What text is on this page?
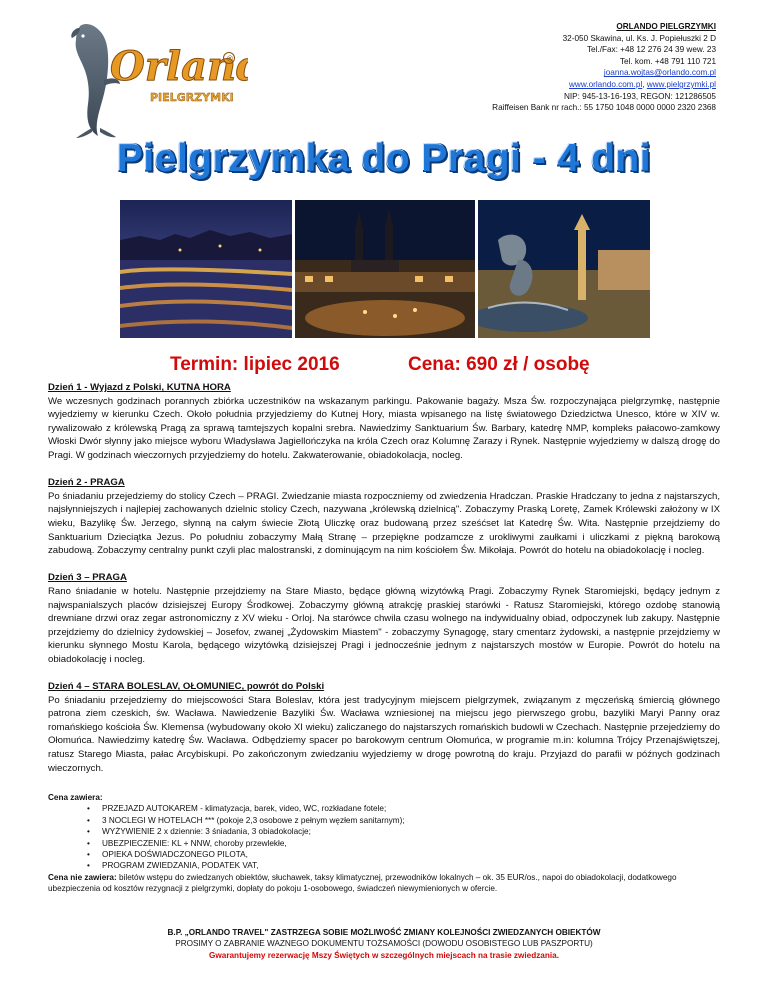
Orlan
PIELGRZYMKI
®
ORLANDO PIELGRZYMKI
32-050 Skawina, ul. Ks. J. Popiełuszki 2 D
Tel./Fax: +48 12 276 24 39 wew. 23
Tel. kom. +48 791 110 721
joanna.wojtas@orlando.com.pl
www.orlando.com.pl, www.pielgrzymki.pl
NIP: 945-13-16-193, REGON: 121286505
Raiffeisen Bank nr rach.: 55 1750 1048 0000 0000 2320 2368
Pielgrzymka do Pragi - 4 dni
Termin: lipiec 2016	Cena: 690 zł / osobę
Dzień 1 - Wyjazd z Polski, KUTNA HORA

We wczesnych godzinach porannych zbiórka uczestników na wskazanym parkingu. Pakowanie bagaży. Msza Św. rozpoczynająca pielgrzymkę, następnie wyjedziemy w kierunku Czech. Około południa przyjedziemy do Kutnej Hory, miasta wpisanego na listę światowego Dziedzictwa Unesco, które w XIV w. rywalizowało z królewską Pragą za sprawą tamtejszych kopalni srebra. Nawiedzimy Sanktuarium Św. Barbary, katedrę NMP, kompleks pałacowo-zamkowy Włoski Dwór słynny jako miejsce wyboru Władysława Jagiellończyka na króla Czech oraz Kolumnę Zarazy i Rynek. Następnie wyjedziemy w dalszą drogę do Pragi. W godzinach wieczornych przyjedziemy do hotelu. Zakwaterowanie, obiadokolacja, nocleg.

Dzień 2 - PRAGA

Po śniadaniu przejedziemy do stolicy Czech – PRAGI. Zwiedzanie miasta rozpoczniemy od zwiedzenia Hradczan. Praskie Hradczany to jedna z najstarszych, najsłynniejszych i najlepiej zachowanych dzielnic stolicy Czech, nazywana „królewską dzielnicą". Zobaczymy Praską Loretę, Zamek Królewski założony w IX wieku, Bazylikę Św. Jerzego, słynną na całym świecie Złotą Uliczkę oraz budowaną przez sześćset lat Katedrę Św. Wita. Następnie przejdziemy do Sanktuarium Dzieciątka Jezus. Po południu zobaczymy Małą Stranę – przepiękne podzamcze z urokliwymi zaułkami i uliczkami z piękną barokową zabudową. Zobaczymy centralny punkt czyli plac malostranski, z dominującym na nim kościołem Św. Mikołaja. Powrót do hotelu na obiadokolację i nocleg.

Dzień 3 – PRAGA

Rano śniadanie w hotelu. Następnie przejdziemy na Stare Miasto, będące główną wizytówką Pragi. Zobaczymy Rynek Staromiejski, będący jednym z najwspanialszych placów dzisiejszej Europy Środkowej. Zobaczymy główną atrakcję praskiej starówki - Ratusz Staromiejski, którego ozdobę stanowią drewniane drzwi oraz zegar astronomiczny z XV wieku - Orloj. Na starówce chwila czasu wolnego na indywidualny obiad, odpoczynek lub zakupy. Następnie przejdziemy do dzielnicy żydowskiej – Josefov, zwanej „Żydowskim Miastem" - zobaczymy Synagogę, stary cmentarz żydowski, a następnie przejdziemy w kierunku słynnego Mostu Karola, będącego wizytówką dzisiejszej Pragi i jednocześnie jednym z najstarszych mostów w Europie. Powrót do hotelu na obiadokolację i nocleg.

Dzień 4 – STARA BOLESLAV, OŁOMUNIEC, powrót do Polski

Po śniadaniu przejedziemy do miejscowości Stara Boleslav, która jest tradycyjnym miejscem pielgrzymek, związanym z męczeńską śmiercią głównego patrona ziem czeskich, św. Wacława. Nawiedzenie Bazyliki Św. Wacława wzniesionej na miejscu jego pierwszego grobu, bazyliki Maryi Panny oraz romańskiego kościoła Św. Klemensa (wybudowany około XI wieku) zaliczanego do najstarszych romańskich budowli w Czechach. Następnie przejedziemy do Ołomuńca. Nawiedzimy katedrę Św. Wacława. Odbędziemy spacer po barokowym centrum Ołomuńca, w programie m.in: kolumna Trójcy Przenajświętszej, ratusz Starego Miasta, pałac Arcybiskupi. Po zakończonym zwiedzaniu wyjedziemy w drogę powrotną do kraju. Przyjazd do parafii w późnych godzinach wieczornych.

Cena zawiera:
• PRZEJAZD AUTOKAREM - klimatyzacja, barek, video, WC, rozkładane fotele;
• 3 NOCLEGI W HOTELACH *** (pokoje 2,3 osobowe z pełnym węzłem sanitarnym);
• WYŻYWIENIE 2 x dziennie: 3 śniadania, 3 obiadokolacje;
• UBEZPIECZENIE: KL + NNW, choroby przewlekłe,
• OPIEKA DOŚWIADCZONEGO PILOTA,
• PROGRAM ZWIEDZANIA, PODATEK VAT,

Cena nie zawiera: biletów wstępu do zwiedzanych obiektów, słuchawek, taksy klimatycznej, przewodników lokalnych – ok. 35 EUR/os., napoi do obiadokolacji, dodatkowego ubezpieczenia od kosztów rezygnacji z pielgrzymki, dopłaty do pokoju 1-osobowego, świadczeń niewymienionych w ofercie.

B.P. „ORLANDO TRAVEL" ZASTRZEGA SOBIE MOŻLIWOŚĆ ZMIANY KOLEJNOŚCI ZWIEDZANYCH OBIEKTÓW
PROSIMY O ZABRANIE WAZNEGO DOKUMENTU TOŻSAMOŚCI (DOWODU OSOBISTEGO LUB PASZPORTU)
Gwarantujemy rezerwację Mszy Świętych w szczególnych miejscach na trasie zwiedzania.
